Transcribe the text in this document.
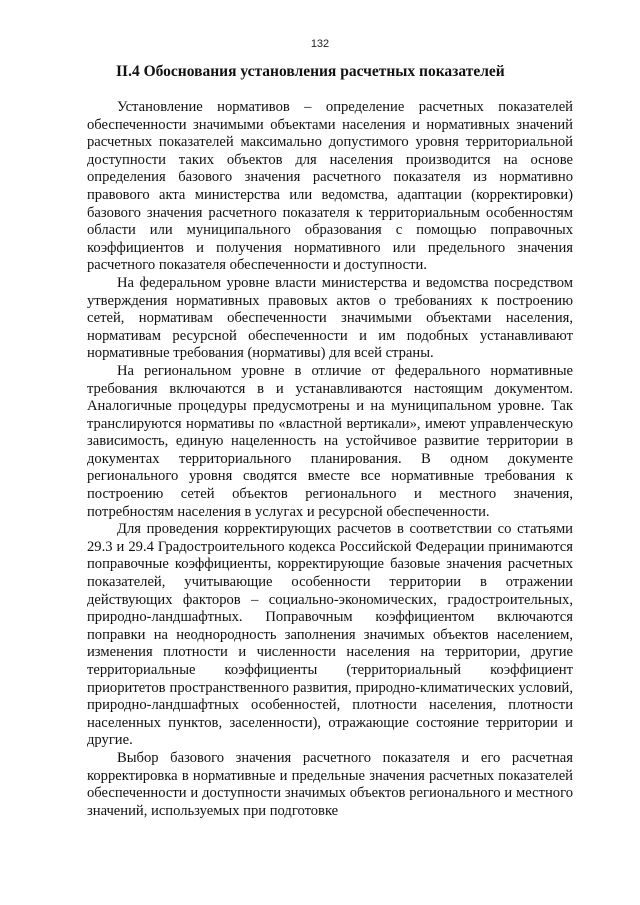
132
II.4 Обоснования установления расчетных показателей

Установление нормативов – определение расчетных показателей обеспеченности значимыми объектами населения и нормативных значений расчетных показателей максимально допустимого уровня территориальной доступности таких объектов для населения производится на основе определения базового значения расчетного показателя из нормативно правового акта министерства или ведомства, адаптации (корректировки) базового значения расчетного показателя к территориальным особенностям области или муниципального образования с помощью поправочных коэффициентов и получения нормативного или предельного значения расчетного показателя обеспеченности и доступности.

На федеральном уровне власти министерства и ведомства посредством утверждения нормативных правовых актов о требованиях к построению сетей, нормативам обеспеченности значимыми объектами населения, нормативам ресурсной обеспеченности и им подобных устанавливают нормативные требования (нормативы) для всей страны.

На региональном уровне в отличие от федерального нормативные требования включаются в и устанавливаются настоящим документом. Аналогичные процедуры предусмотрены и на муниципальном уровне. Так транслируются нормативы по «властной вертикали», имеют управленческую зависимость, единую нацеленность на устойчивое развитие территории в документах территориального планирования. В одном документе регионального уровня сводятся вместе все нормативные требования к построению сетей объектов регионального и местного значения, потребностям населения в услугах и ресурсной обеспеченности.

Для проведения корректирующих расчетов в соответствии со статьями 29.3 и 29.4 Градостроительного кодекса Российской Федерации принимаются поправочные коэффициенты, корректирующие базовые значения расчетных показателей, учитывающие особенности территории в отражении действующих факторов – социально-экономических, градостроительных, природно-ландшафтных. Поправочным коэффициентом включаются поправки на неоднородность заполнения значимых объектов населением, изменения плотности и численности населения на территории, другие территориальные коэффициенты (территориальный коэффициент приоритетов пространственного развития, природно-климатических условий, природно-ландшафтных особенностей, плотности населения, плотности населенных пунктов, заселенности), отражающие состояние территории и другие.

Выбор базового значения расчетного показателя и его расчетная корректировка в нормативные и предельные значения расчетных показателей обеспеченности и доступности значимых объектов регионального и местного значений, используемых при подготовке
